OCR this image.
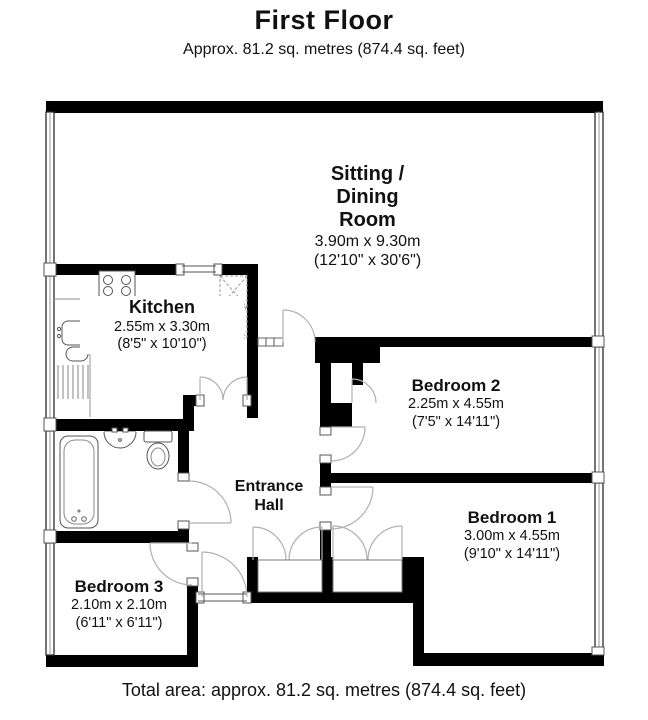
First Floor
Approx. 81.2 sq. metres (874.4 sq. feet)
Sitting /
Dining
Room
3.90m x 9.30m
(12'10" x 30'6")
Kitchen
2.55m x 3.30m
(8'5" x 10'10")
Bedroom 2
2.25m x 4.55m
(7'5" x 14'11")
Bedroom 1
3.00m x 4.55m
(9'10" x 14'11")
Bedroom 3
2.10m x 2.10m
(6'11" x 6'11")
Entrance
Hall
Total area: approx. 81.2 sq. metres (874.4 sq. feet)
